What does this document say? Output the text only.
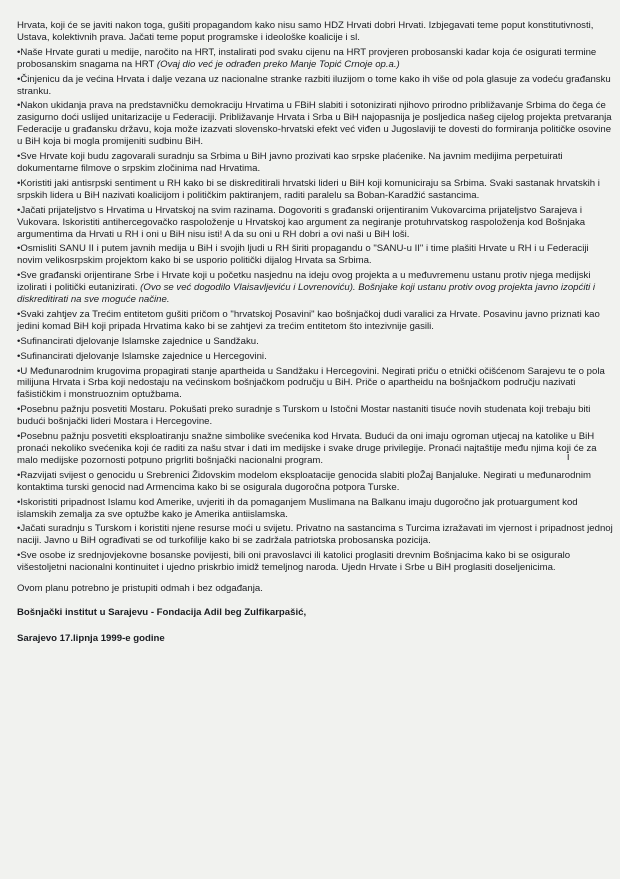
Hrvata, koji će se javiti nakon toga, gušiti propagandom kako nisu samo HDZ Hrvati dobri Hrvati. Izbjegavati teme poput konstitutivnosti, Ustava, kolektivnih prava. Jačati teme poput programske i ideološke koalicije i sl.
• Naše Hrvate gurati u medije, naročito na HRT, instalirati pod svaku cijenu na HRT provjeren probosanski kadar koja će osigurati termine probosanskim snagama na HRT (Ovaj dio već je odrađen preko Manje Topić Crnoje op.a.)
• Činjenicu da je većina Hrvata i dalje vezana uz nacionalne stranke razbiti iluzijom o tome kako ih više od pola glasuje za vodeću građansku stranku.
• Nakon ukidanja prava na predstavničku demokraciju Hrvatima u FBiH slabiti i sotonizirati njihovo prirodno približavanje Srbima do čega će zasigurno doći uslijed unitarizacije u Federaciji. Približavanje Hrvata i Srba u BiH najopasnija je posljedica našeg cijelog projekta pretvaranja Federacije u građansku državu, koja može izazvati slovensko-hrvatski efekt već viđen u Jugoslaviji te dovesti do formiranja političke osovine u BiH koja bi mogla promijeniti sudbinu BiH.
• Sve Hrvate koji budu zagovarali suradnju sa Srbima u BiH javno prozivati kao srpske plaćenike. Na javnim medijima perpetuirati dokumentarne filmove o srpskim zločinima nad Hrvatima.
• Koristiti jaki antisrpski sentiment u RH kako bi se diskreditirali hrvatski lideri u BiH koji komuniciraju sa Srbima. Svaki sastanak hrvatskih i srpskih lidera u BiH nazivati koalicijom i političkim paktiranjem, raditi paralelu sa Boban-Karadžić sastancima.
• Jačati prijateljstvo s Hrvatima u Hrvatskoj na svim razinama. Dogovoriti s građanski orijentiranim Vukovarcima prijateljstvo Sarajeva i Vukovara. Iskoristiti antihercegovačko raspoloženje u Hrvatskoj kao argument za negiranje protuhrvatskog raspoloženja kod Bošnjaka argumentima da Hrvati u RH i oni u BiH nisu isti! A da su oni u RH dobri a ovi naši u BiH loši.
• Osmisliti SANU II i putem javnih medija u BiH i svojih ljudi u RH širiti propagandu o "SANU-u II" i time plašiti Hrvate u RH i u Federaciji novim velikosrpskim projektom kako bi se usporio politički dijalog Hrvata sa Srbima.
• Sve građanski orijentirane Srbe i Hrvate koji u početku nasjednu na ideju ovog projekta a u međuvremenu ustanu protiv njega medijski izolirati i politički eutanizirati. (Ovo se već dogodilo Vlaisavljeviću i Lovrenoviću). Bošnjake koji ustanu protiv ovog projekta javno izopćiti i diskreditirati na sve moguće načine.
• Svaki zahtjev za Trećim entitetom gušiti pričom o "hrvatskoj Posavini" kao bošnjačkoj dudi varalici za Hrvate. Posavinu javno priznati kao jedini komad BiH koji pripada Hrvatima kako bi se zahtjevi za trećim entitetom što intezivnije gasili.
• Sufinancirati djelovanje Islamske zajednice u Sandžaku.
• Sufinancirati djelovanje Islamske zajednice u Hercegovini.
• U Međunarodnim krugovima propagirati stanje apartheida u Sandžaku i Hercegovini. Negirati priču o etnički očišćenom Sarajevu te o pola milijuna Hrvata i Srba koji nedostaju na većinskom bošnjačkom području u BiH. Priče o apartheidu na bošnjačkom području nazivati fašističkim i monstruoznim optužbama.
• Posebnu pažnju posvetiti Mostaru. Pokušati preko suradnje s Turskom u Istočni Mostar nastaniti tisuće novih studenata koji trebaju biti budući bošnjački lideri Mostara i Hercegovine.
• Posebnu pažnju posvetiti eksploatiranju snažne simbolike svećenika kod Hrvata. Budući da oni imaju ogroman utjecaj na katolike u BiH pronaći nekoliko svećenika koji će raditi za našu stvar i dati im medijske i svake druge privilegije. Pronaći najtaštije među njima koji će za malo medijske pozornosti potpuno prigrliti bošnjački nacionalni program.
• Razvijati svijest o genocidu u Srebrenici Židovskim modelom eksploatacije genocida slabiti ploŽaj Banjaluke. Negirati u međunarodnim kontaktima turski genocid nad Armencima kako bi se osigurala dugoročna potpora Turske.
• Iskoristiti pripadnost Islamu kod Amerike, uvjeriti ih da pomaganjem Muslimana na Balkanu imaju dugoročno jak protuargument kod islamskih zemalja za sve optužbe kako je Amerika antiislamska.
• Jačati suradnju s Turskom i koristiti njene resurse moći u svijetu. Privatno na sastancima s Turcima izražavati im vjernost i pripadnost jednoj naciji. Javno u BiH ograđivati se od turkofilije kako bi se zadržala patriotska probosanska pozicija.
• Sve osobe iz srednjovjekovne bosanske povijesti, bili oni pravoslavci ili katolici proglasiti drevnim Bošnjacima kako bi se osiguralo višestoljetni nacionalni kontinuitet i ujedno priskrbio imidž temeljnog naroda. Ujedn Hrvate i Srbe u BiH proglasiti doseljenicima.
Ovom planu potrebno je pristupiti odmah i bez odgađanja.
Bošnjački institut u Sarajevu - Fondacija Adil beg Zulfikarpašić,
Sarajevo 17.lipnja 1999-e godine
i
